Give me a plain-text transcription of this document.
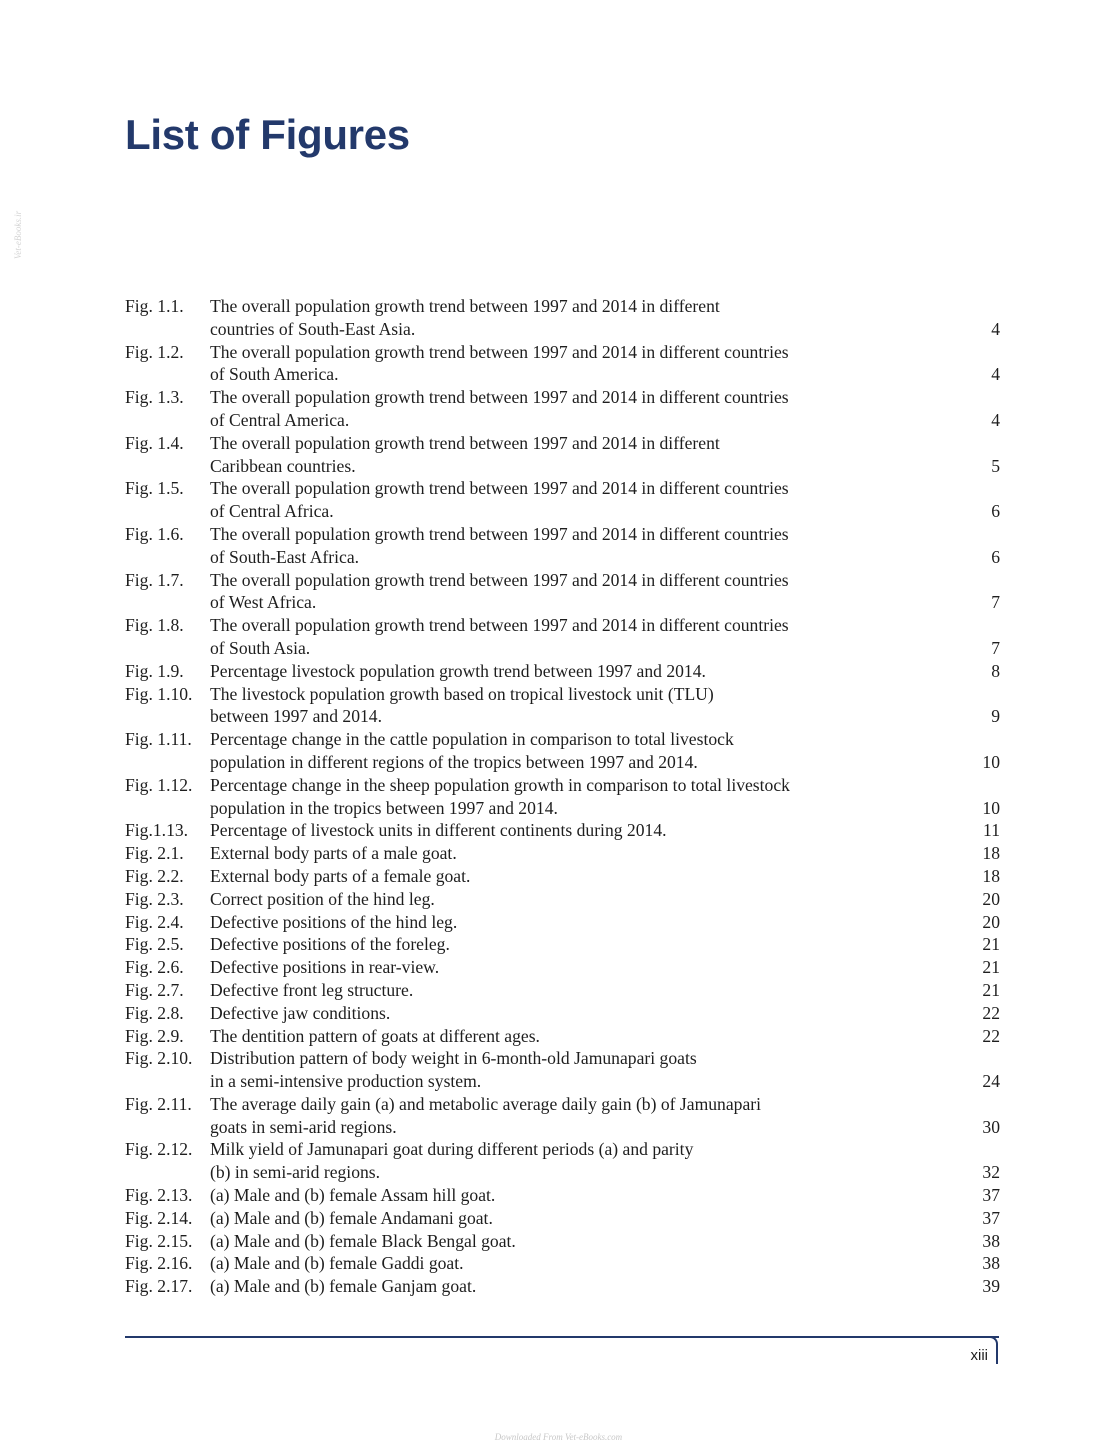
Vet-eBooks.ir
List of Figures
Fig. 1.1.	The overall population growth trend between 1997 and 2014 in different
countries of South-East Asia.	4
Fig. 1.2.	The overall population growth trend between 1997 and 2014 in different countries
of South America.	4
Fig. 1.3.	The overall population growth trend between 1997 and 2014 in different countries
of Central America.	4
Fig. 1.4.	The overall population growth trend between 1997 and 2014 in different
Caribbean countries.	5
Fig. 1.5.	The overall population growth trend between 1997 and 2014 in different countries
of Central Africa.	6
Fig. 1.6.	The overall population growth trend between 1997 and 2014 in different countries
of South-East Africa.	6
Fig. 1.7.	The overall population growth trend between 1997 and 2014 in different countries
of West Africa.	7
Fig. 1.8.	The overall population growth trend between 1997 and 2014 in different countries
of South Asia.	7
Fig. 1.9.	Percentage livestock population growth trend between 1997 and 2014.	8
Fig. 1.10. The livestock population growth based on tropical livestock unit (TLU)
between 1997 and 2014.	9
Fig. 1.11.	Percentage change in the cattle population in comparison to total livestock
population in different regions of the tropics between 1997 and 2014.	10
Fig. 1.12. Percentage change in the sheep population growth in comparison to total livestock
population in the tropics between 1997 and 2014.	10
Fig.1.13.	Percentage of livestock units in different continents during 2014.	11
Fig. 2.1.	External body parts of a male goat.	18
Fig. 2.2.	External body parts of a female goat.	18
Fig. 2.3.	Correct position of the hind leg.	20
Fig. 2.4.	Defective positions of the hind leg.	20
Fig. 2.5.	Defective positions of the foreleg.	21
Fig. 2.6.	Defective positions in rear-view.	21
Fig. 2.7.	Defective front leg structure.	21
Fig. 2.8.	Defective jaw conditions.	22
Fig. 2.9.	The dentition pattern of goats at different ages.	22
Fig. 2.10. Distribution pattern of body weight in 6-month-old Jamunapari goats
in a semi-intensive production system.	24
Fig. 2.11.	The average daily gain (a) and metabolic average daily gain (b) of Jamunapari
goats in semi-arid regions.	30
Fig. 2.12. Milk yield of Jamunapari goat during different periods (a) and parity
(b) in semi-arid regions.	32
Fig. 2.13. (a) Male and (b) female Assam hill goat.	37
Fig. 2.14. (a) Male and (b) female Andamani goat.	37
Fig. 2.15. (a) Male and (b) female Black Bengal goat.	38
Fig. 2.16. (a) Male and (b) female Gaddi goat.	38
Fig. 2.17. (a) Male and (b) female Ganjam goat.	39
xiii
Downloaded From Vet-eBooks.com
